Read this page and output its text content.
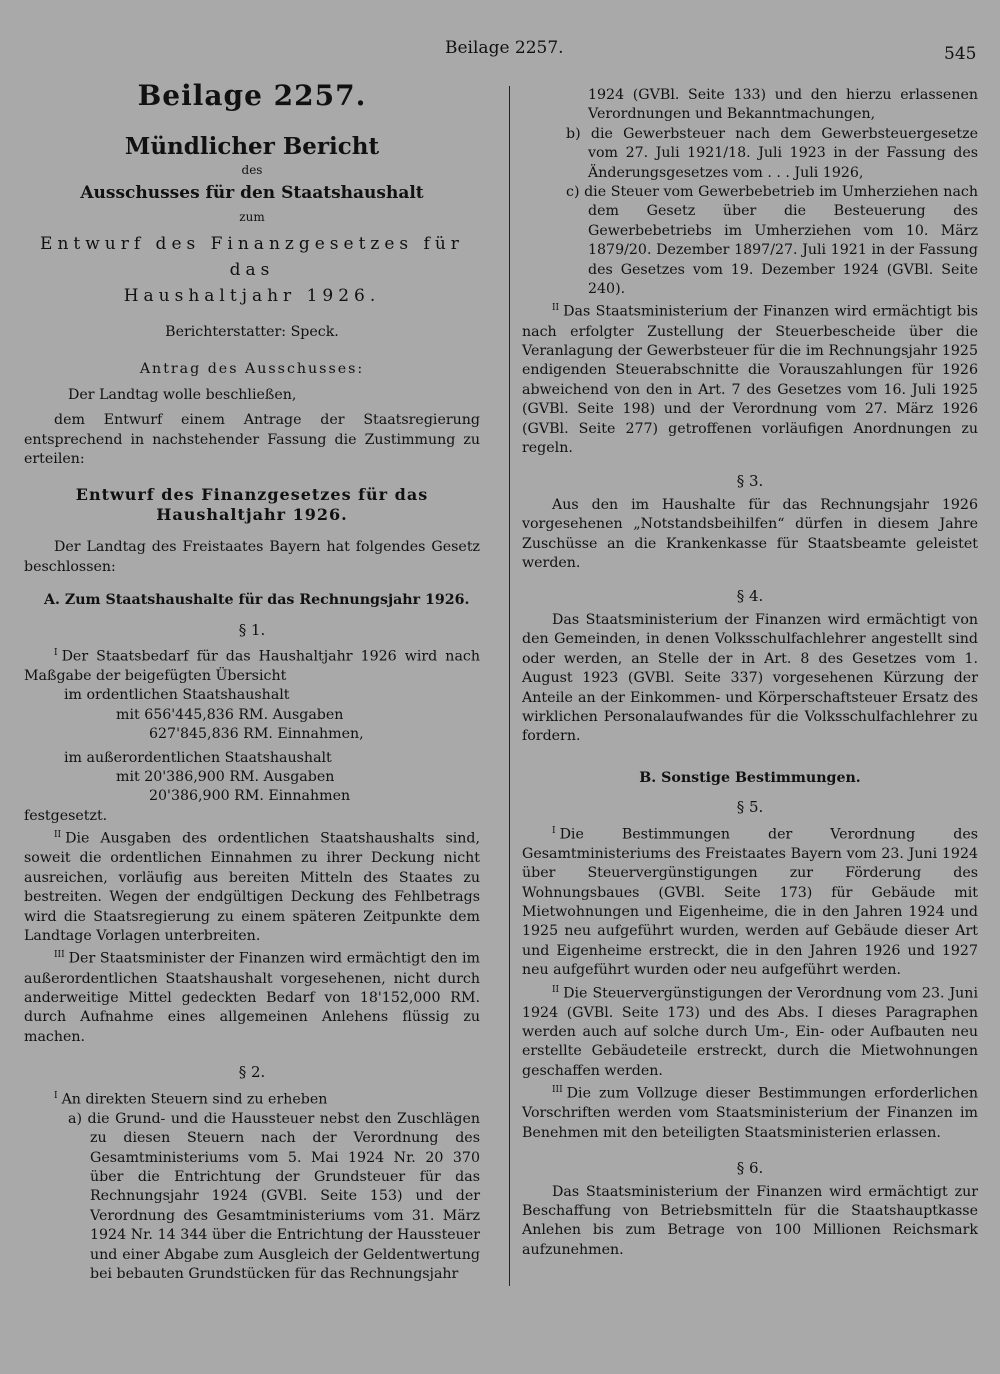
Beilage 2257.	545

Beilage 2257.

Mündlicher Bericht

des

Ausschusses für den Staatshaushalt

zum

Entwurf des Finanzgesetzes für das

Haushaltjahr 1926.

Berichterstatter: Speck.

Antrag des Ausschusses:

Der Landtag wolle beschließen,

dem Entwurf einem Antrage der Staatsregierung entsprechend in nachstehender Fassung die Zustimmung zu erteilen:

Entwurf des Finanzgesetzes für das Haushaltjahr 1926.

Der Landtag des Freistaates Bayern hat folgendes Gesetz beschlossen:

A. Zum Staatshaushalte für das Rechnungsjahr 1926.

§ 1.

$^I$ Der Staatsbedarf für das Haushaltjahr 1926 wird nach Maßgabe der beigefügten Übersicht

im ordentlichen Staatshaushalt

mit 656'445,836 RM. Ausgaben

627'845,836 RM. Einnahmen,

im außerordentlichen Staatshaushalt

mit 20'386,900 RM. Ausgaben

20'386,900 RM. Einnahmen

festgesetzt.

$^{II}$ Die Ausgaben des ordentlichen Staatshaushalts sind, soweit die ordentlichen Einnahmen zu ihrer Deckung nicht ausreichen, vorläufig aus bereiten Mitteln des Staates zu bestreiten. Wegen der endgültigen Deckung des Fehlbetrags wird die Staatsregierung zu einem späteren Zeitpunkte dem Landtage Vorlagen unterbreiten.

$^{III}$ Der Staatsminister der Finanzen wird ermächtigt den im außerordentlichen Staatshaushalt vorgesehenen, nicht durch anderweitige Mittel gedeckten Bedarf von 18'152,000 RM. durch Aufnahme eines allgemeinen Anlehens flüssig zu machen.

§ 2.

$^I$ An direkten Steuern sind zu erheben

a) die Grund- und die Haussteuer nebst den Zuschlägen zu diesen Steuern nach der Verordnung des Gesamtministeriums vom 5. Mai 1924 Nr. 20 370 über die Entrichtung der Grundsteuer für das Rechnungsjahr 1924 (GVBl. Seite 153) und der Verordnung des Gesamtministeriums vom 31. März 1924 Nr. 14 344 über die Entrichtung der Haussteuer und einer Abgabe zum Ausgleich der Geldentwertung bei bebauten Grundstücken für das Rechnungsjahr

1924 (GVBl. Seite 133) und den hierzu erlassenen Verordnungen und Bekanntmachungen,

b) die Gewerbsteuer nach dem Gewerbsteuergesetze vom 27. Juli 1921/18. Juli 1923 in der Fassung des Änderungsgesetzes vom . . . Juli 1926,

c) die Steuer vom Gewerbebetrieb im Umherziehen nach dem Gesetz über die Besteuerung des Gewerbebetriebs im Umherziehen vom 10. März 1879/20. Dezember 1897/27. Juli 1921 in der Fassung des Gesetzes vom 19. Dezember 1924 (GVBl. Seite 240).

$^{II}$ Das Staatsministerium der Finanzen wird ermächtigt bis nach erfolgter Zustellung der Steuerbescheide über die Veranlagung der Gewerbsteuer für die im Rechnungsjahr 1925 endigenden Steuerabschnitte die Vorauszahlungen für 1926 abweichend von den in Art. 7 des Gesetzes vom 16. Juli 1925 (GVBl. Seite 198) und der Verordnung vom 27. März 1926 (GVBl. Seite 277) getroffenen vorläufigen Anordnungen zu regeln.

§ 3.

Aus den im Haushalte für das Rechnungsjahr 1926 vorgesehenen „Notstandsbeihilfen“ dürfen in diesem Jahre Zuschüsse an die Krankenkasse für Staatsbeamte geleistet werden.

§ 4.

Das Staatsministerium der Finanzen wird ermächtigt von den Gemeinden, in denen Volksschulfachlehrer angestellt sind oder werden, an Stelle der in Art. 8 des Gesetzes vom 1. August 1923 (GVBl. Seite 337) vorgesehenen Kürzung der Anteile an der Einkommen- und Körperschaftsteuer Ersatz des wirklichen Personalaufwandes für die Volksschulfachlehrer zu fordern.

B. Sonstige Bestimmungen.

§ 5.

$^I$ Die Bestimmungen der Verordnung des Gesamtministeriums des Freistaates Bayern vom 23. Juni 1924 über Steuervergünstigungen zur Förderung des Wohnungsbaues (GVBl. Seite 173) für Gebäude mit Mietwohnungen und Eigenheime, die in den Jahren 1924 und 1925 neu aufgeführt wurden, werden auf Gebäude dieser Art und Eigenheime erstreckt, die in den Jahren 1926 und 1927 neu aufgeführt wurden oder neu aufgeführt werden.

$^{II}$ Die Steuervergünstigungen der Verordnung vom 23. Juni 1924 (GVBl. Seite 173) und des Abs. I dieses Paragraphen werden auch auf solche durch Um-, Ein- oder Aufbauten neu erstellte Gebäudeteile erstreckt, durch die Mietwohnungen geschaffen werden.

$^{III}$ Die zum Vollzuge dieser Bestimmungen erforderlichen Vorschriften werden vom Staatsministerium der Finanzen im Benehmen mit den beteiligten Staatsministerien erlassen.

§ 6.

Das Staatsministerium der Finanzen wird ermächtigt zur Beschaffung von Betriebsmitteln für die Staatshauptkasse Anlehen bis zum Betrage von 100 Millionen Reichsmark aufzunehmen.
